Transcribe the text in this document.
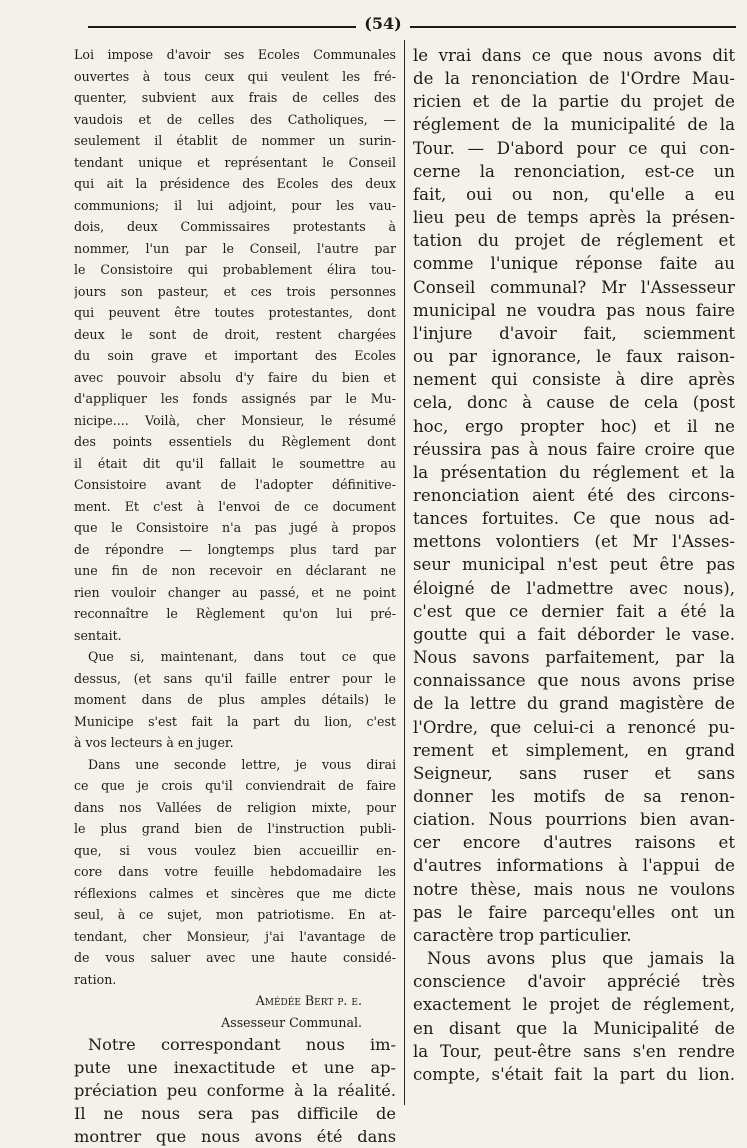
(54)
Loi impose d'avoir ses Ecoles Communales
ouvertes à tous ceux qui veulent les fré-
quenter, subvient aux frais de celles des
vaudois et de celles des Catholiques, —
seulement il établit de nommer un surin-
tendant unique et représentant le Conseil
qui ait la présidence des Ecoles des deux
communions; il lui adjoint, pour les vau-
dois, deux Commissaires protestants à
nommer, l'un par le Conseil, l'autre par
le Consistoire qui probablement élira tou-
jours son pasteur, et ces trois personnes
qui peuvent être toutes protestantes, dont
deux le sont de droit, restent chargées
du soin grave et important des Ecoles
avec pouvoir absolu d'y faire du bien et
d'appliquer les fonds assignés par le Mu-
nicipe.... Voilà, cher Monsieur, le résumé
des points essentiels du Règlement dont
il était dit qu'il fallait le soumettre au
Consistoire avant de l'adopter définitive-
ment. Et c'est à l'envoi de ce document
que le Consistoire n'a pas jugé à propos
de répondre — longtemps plus tard par
une fin de non recevoir en déclarant ne
rien vouloir changer au passé, et ne point
reconnaître le Règlement qu'on lui pré-
sentait.
Que si, maintenant, dans tout ce que
dessus, (et sans qu'il faille entrer pour le
moment dans de plus amples détails) le
Municipe s'est fait la part du lion, c'est
à vos lecteurs à en juger.
Dans une seconde lettre, je vous dirai
ce que je crois qu'il conviendrait de faire
dans nos Vallées de religion mixte, pour
le plus grand bien de l'instruction publi-
que, si vous voulez bien accueillir en-
core dans votre feuille hebdomadaire les
réflexions calmes et sincères que me dicte
seul, à ce sujet, mon patriotisme. En at-
tendant, cher Monsieur, j'ai l'avantage de
de vous saluer avec une haute considé-
ration.
Amédée Bert p. e.
Assesseur Communal.
Notre correspondant nous im-
pute une inexactitude et une ap-
préciation peu conforme à la réalité.
Il ne nous sera pas difficile de
montrer que nous avons été dans
le vrai dans ce que nous avons dit
de la renonciation de l'Ordre Mau-
ricien et de la partie du projet de
réglement de la municipalité de la
Tour. — D'abord pour ce qui con-
cerne la renonciation, est-ce un
fait, oui ou non, qu'elle a eu
lieu peu de temps après la présen-
tation du projet de réglement et
comme l'unique réponse faite au
Conseil communal? Mr l'Assesseur
municipal ne voudra pas nous faire
l'injure d'avoir fait, sciemment
ou par ignorance, le faux raison-
nement qui consiste à dire après
cela, donc à cause de cela (post
hoc, ergo propter hoc) et il ne
réussira pas à nous faire croire que
la présentation du réglement et la
renonciation aient été des circons-
tances fortuites. Ce que nous ad-
mettons volontiers (et Mr l'Asses-
seur municipal n'est peut être pas
éloigné de l'admettre avec nous),
c'est que ce dernier fait a été la
goutte qui a fait déborder le vase.
Nous savons parfaitement, par la
connaissance que nous avons prise
de la lettre du grand magistère de
l'Ordre, que celui-ci a renoncé pu-
rement et simplement, en grand
Seigneur, sans ruser et sans
donner les motifs de sa renon-
ciation. Nous pourrions bien avan-
cer encore d'autres raisons et
d'autres informations à l'appui de
notre thèse, mais nous ne voulons
pas le faire parcequ'elles ont un
caractère trop particulier.
Nous avons plus que jamais la
conscience d'avoir apprécié très
exactement le projet de réglement,
en disant que la Municipalité de
la Tour, peut-être sans s'en rendre
compte, s'était fait la part du lion.
